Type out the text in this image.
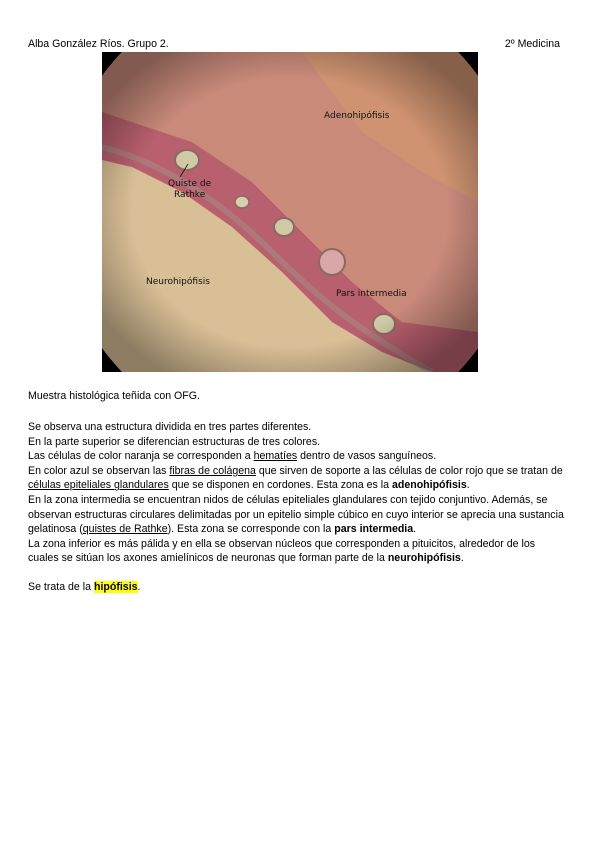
Alba González Ríos. Grupo 2.	2º Medicina
Adenohipófisis
Quiste de
Rathke
Neurohipófisis
Pars intermedia
Muestra histológica teñida con OFG.

Se observa una estructura dividida en tres partes diferentes.

En la parte superior se diferencian estructuras de tres colores.

Las células de color naranja se corresponden a hematíes dentro de vasos sanguíneos.

En color azul se observan las fibras de colágena que sirven de soporte a las células de color rojo que se tratan de células epiteliales glandulares que se disponen en cordones. Esta zona es la adenohipófisis.

En la zona intermedia se encuentran nidos de células epiteliales glandulares con tejido conjuntivo. Además, se observan estructuras circulares delimitadas por un epitelio simple cúbico en cuyo interior se aprecia una sustancia gelatinosa (quistes de Rathke). Esta zona se corresponde con la pars intermedia.

La zona inferior es más pálida y en ella se observan núcleos que corresponden a pituicitos, alrededor de los cuales se sitúan los axones amielínicos de neuronas que forman parte de la neurohipófisis.

Se trata de la hipófisis.
